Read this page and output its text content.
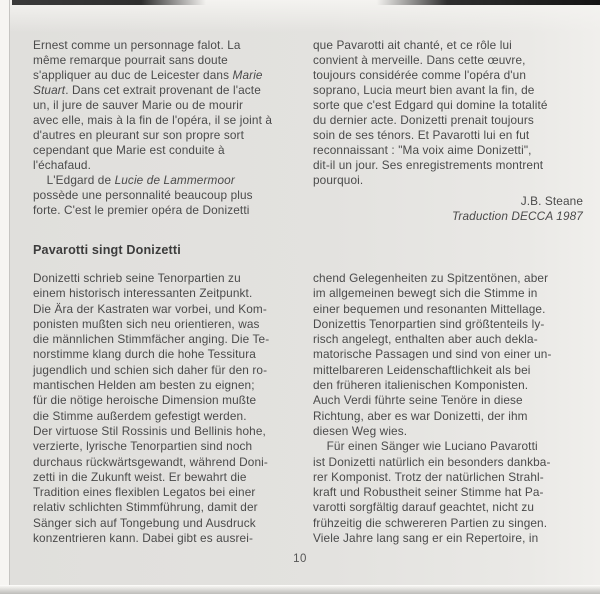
Ernest comme un personnage falot. La
même remarque pourrait sans doute
s'appliquer au duc de Leicester dans Marie
Stuart. Dans cet extrait provenant de l'acte
un, il jure de sauver Marie ou de mourir
avec elle, mais à la fin de l'opéra, il se joint à
d'autres en pleurant sur son propre sort
cependant que Marie est conduite à
l'échafaud.
L'Edgard de Lucie de Lammermoor
possède une personnalité beaucoup plus
forte. C'est le premier opéra de Donizetti
que Pavarotti ait chanté, et ce rôle lui
convient à merveille. Dans cette œuvre,
toujours considérée comme l'opéra d'un
soprano, Lucia meurt bien avant la fin, de
sorte que c'est Edgard qui domine la totalité
du dernier acte. Donizetti prenait toujours
soin de ses ténors. Et Pavarotti lui en fut
reconnaissant : "Ma voix aime Donizetti",
dit-il un jour. Ses enregistrements montrent
pourquoi.
J.B. Steane
Traduction DECCA 1987
Pavarotti singt Donizetti
Donizetti schrieb seine Tenorpartien zu
einem historisch interessanten Zeitpunkt.
Die Ära der Kastraten war vorbei, und Kom-
ponisten mußten sich neu orientieren, was
die männlichen Stimmfächer anging. Die Te-
norstimme klang durch die hohe Tessitura
jugendlich und schien sich daher für den ro-
mantischen Helden am besten zu eignen;
für die nötige heroische Dimension mußte
die Stimme außerdem gefestigt werden.
Der virtuose Stil Rossinis und Bellinis hohe,
verzierte, lyrische Tenorpartien sind noch
durchaus rückwärtsgewandt, während Doni-
zetti in die Zukunft weist. Er bewahrt die
Tradition eines flexiblen Legatos bei einer
relativ schlichten Stimmführung, damit der
Sänger sich auf Tongebung und Ausdruck
konzentrieren kann. Dabei gibt es ausrei-
chend Gelegenheiten zu Spitzentönen, aber
im allgemeinen bewegt sich die Stimme in
einer bequemen und resonanten Mittellage.
Donizettis Tenorpartien sind größtenteils ly-
risch angelegt, enthalten aber auch dekla-
matorische Passagen und sind von einer un-
mittelbareren Leidenschaftlichkeit als bei
den früheren italienischen Komponisten.
Auch Verdi führte seine Tenöre in diese
Richtung, aber es war Donizetti, der ihm
diesen Weg wies.
Für einen Sänger wie Luciano Pavarotti
ist Donizetti natürlich ein besonders dankba-
rer Komponist. Trotz der natürlichen Strahl-
kraft und Robustheit seiner Stimme hat Pa-
varotti sorgfältig darauf geachtet, nicht zu
frühzeitig die schwereren Partien zu singen.
Viele Jahre lang sang er ein Repertoire, in
10
